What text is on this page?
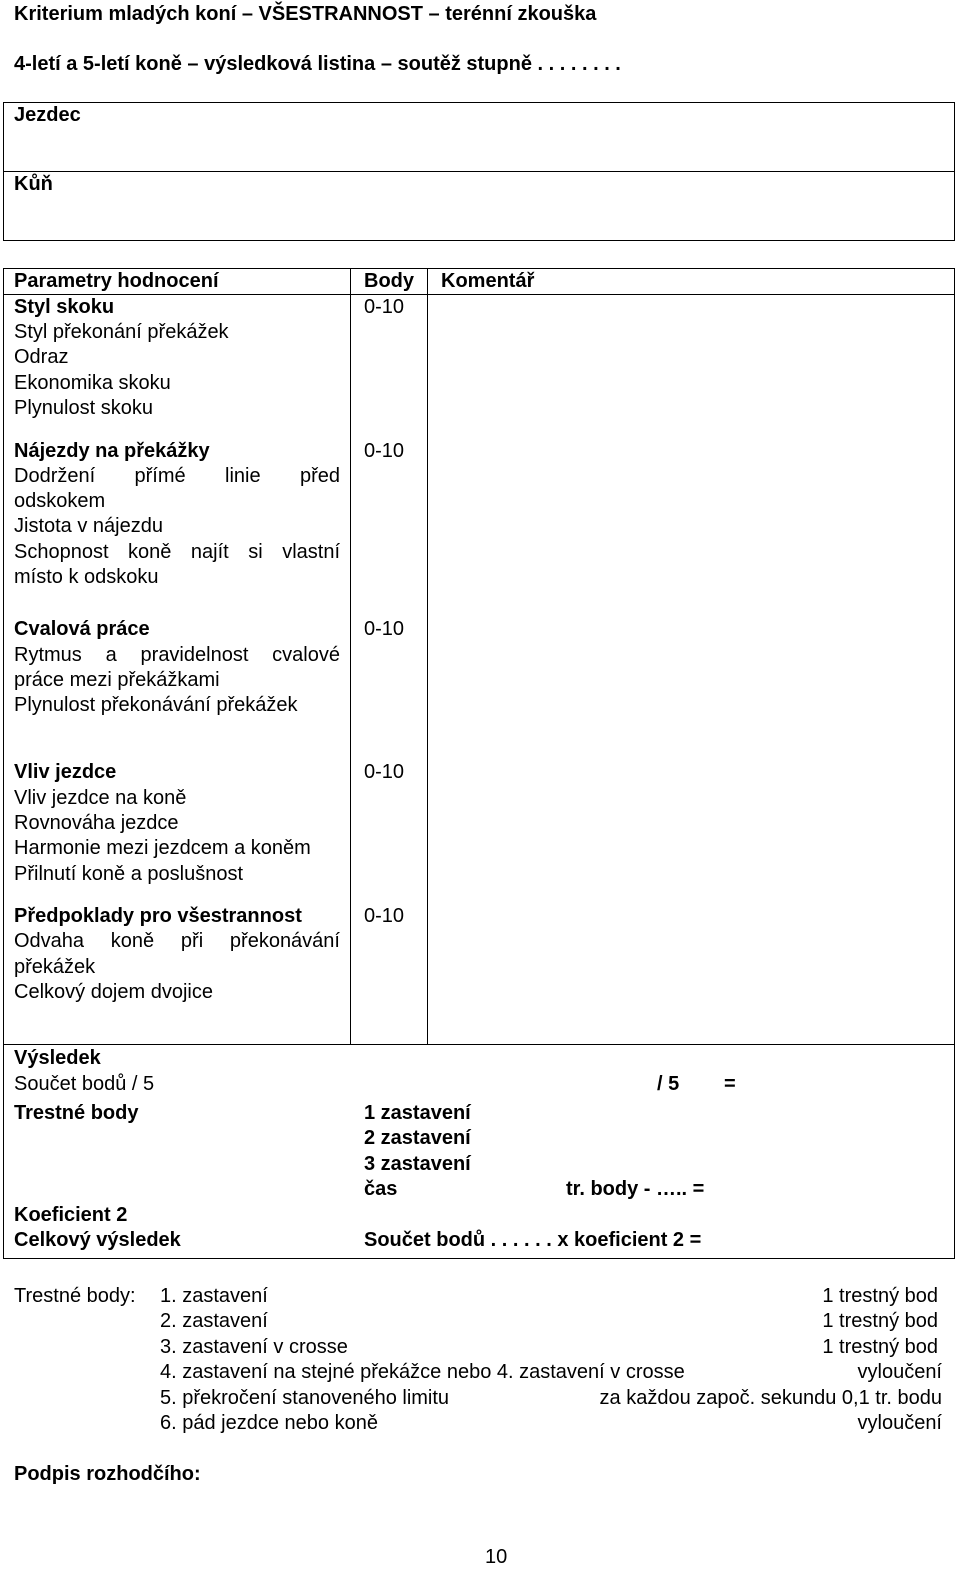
Kriterium mladých koní – VŠESTRANNOST – terénní zkouška
4-letí a 5-letí koně – výsledková listina – soutěž stupně . . . . . . . .
Jezdec
Kůň
Parametry hodnocení	Body Komentář
Styl skoku	0-10
Styl překonání překážek
Odraz
Ekonomika skoku
Plynulost skoku
Nájezdy na překážky	0-10
Dodržení přímé linie před
odskokem
Jistota v nájezdu
Schopnost koně najít si vlastní
místo k odskoku
Cvalová práce	0-10
Rytmus a pravidelnost cvalové
práce mezi překážkami
Plynulost překonávání překážek
Vliv jezdce	0-10
Vliv jezdce na koně
Rovnováha jezdce
Harmonie mezi jezdcem a koněm
Přilnutí koně a poslušnost
Předpoklady pro všestrannost	0-10
Odvaha koně při překonávání
překážek
Celkový dojem dvojice
Výsledek
Součet bodů / 5	/ 5 =
Trestné body	1 zastavení
2 zastavení
3 zastavení
čas	tr. body - ….. =
Koeficient 2
Celkový výsledek	Součet bodů . . . . . . x koeficient 2 =
Trestné body: 1. zastavení	1 trestný bod
2. zastavení	1 trestný bod
3. zastavení v crosse	1 trestný bod
4. zastavení na stejné překážce nebo 4. zastavení v crosse	vyloučení
5. překročení stanoveného limitu	za každou započ. sekundu 0,1 tr. bodu
6. pád jezdce nebo koně	vyloučení
Podpis rozhodčího:
10
